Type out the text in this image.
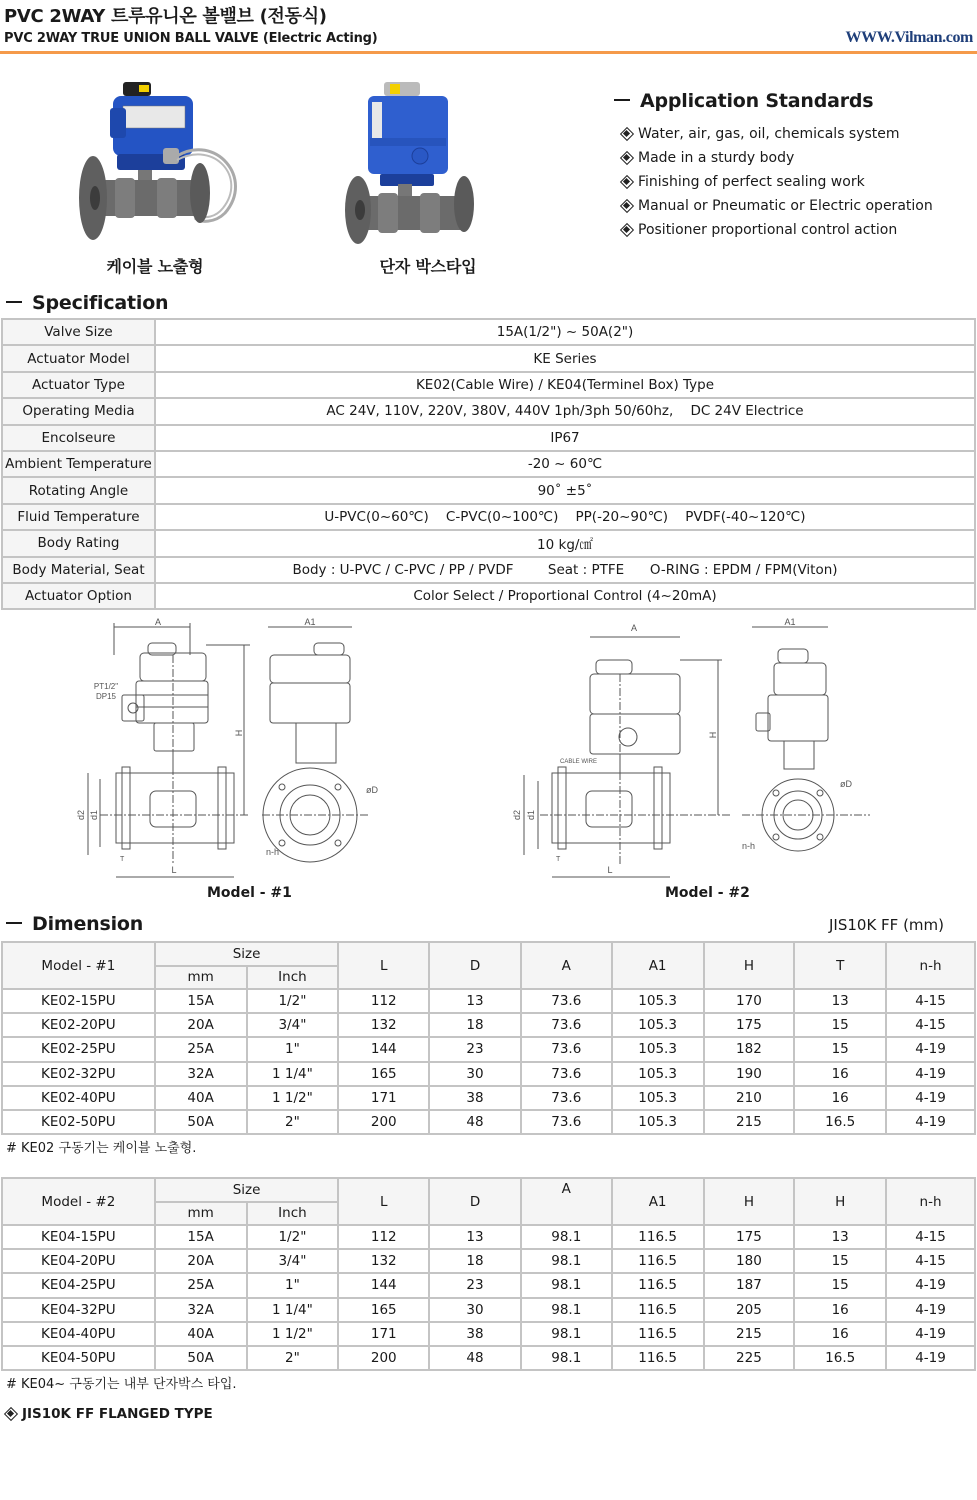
PVC 2WAY 트루유니온 볼밸브 (전동식)
PVC 2WAY TRUE UNION BALL VALVE (Electric Acting)	WWW.Vilman.com
케이블 노출형	단자 박스타입
Application Standards
Water, air, gas, oil, chemicals system
Made in a sturdy body
Finishing of perfect sealing work
Manual or Pneumatic or Electric operation
Positioner proportional control action
Specification
Valve Size	15A(1/2") ~ 50A(2")
Actuator Model	KE Series
Actuator Type	KE02(Cable Wire) / KE04(Terminel Box) Type
Operating Media	AC 24V, 110V, 220V, 380V, 440V 1ph/3ph 50/60hz,    DC 24V Electrice
Encolseure	IP67
Ambient Temperature	-20 ~ 60℃
Rotating Angle	90˚ ±5˚
Fluid Temperature	U-PVC(0~60℃)    C-PVC(0~100℃)    PP(-20~90℃)    PVDF(-40~120℃)
Body Rating	10 kg/㎠
Body Material, Seat	Body : U-PVC / C-PVC / PP / PVDF        Seat : PTFE      O-RING : EPDM / FPM(Viton)
Actuator Option	Color Select / Proportional Control (4~20mA)
A
PT1/2"
DP15
H
d2 d1
T
L
A1
øD
n-h
Model - #1
A
CABLE WIRE
H
d2 d1
T
L
A1
øD
n-h
Model - #2
Dimension	JIS10K FF (mm)
Model - #1	Size		L	D	A	A1	H	T	n-h
	mm	Inch							
KE02-15PU	15A	1/2"	112	13	73.6	105.3	170	13	4-15
KE02-20PU	20A	3/4"	132	18	73.6	105.3	175	15	4-15
KE02-25PU	25A	1"	144	23	73.6	105.3	182	15	4-19
KE02-32PU	32A	1 1/4"	165	30	73.6	105.3	190	16	4-19
KE02-40PU	40A	1 1/2"	171	38	73.6	105.3	210	16	4-19
KE02-50PU	50A	2"	200	48	73.6	105.3	215	16.5	4-19
# KE02 구동기는 케이블 노출형.
Model - #2	Size		L	D	A	A1	H	H	n-h
	mm	Inch							
KE04-15PU	15A	1/2"	112	13	98.1	116.5	175	13	4-15
KE04-20PU	20A	3/4"	132	18	98.1	116.5	180	15	4-15
KE04-25PU	25A	1"	144	23	98.1	116.5	187	15	4-19
KE04-32PU	32A	1 1/4"	165	30	98.1	116.5	205	16	4-19
KE04-40PU	40A	1 1/2"	171	38	98.1	116.5	215	16	4-19
KE04-50PU	50A	2"	200	48	98.1	116.5	225	16.5	4-19
# KE04~ 구동기는 내부 단자박스 타입.
JIS10K FF FLANGED TYPE
